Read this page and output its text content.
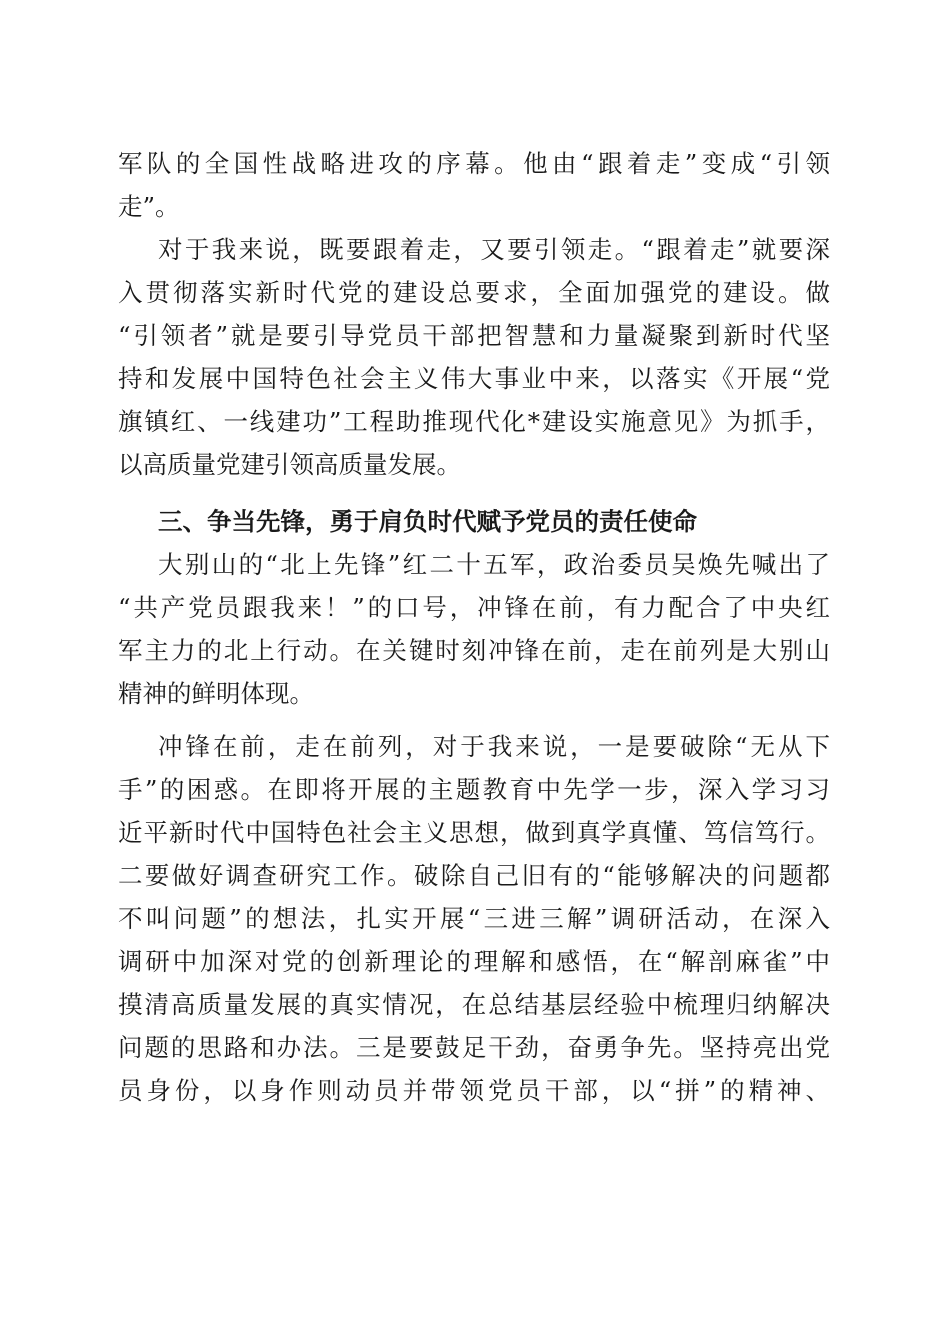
军队的全国性战略进攻的序幕。他由“跟着走”变成“引领
走”。
对于我来说，既要跟着走，又要引领走。“跟着走”就要深
入贯彻落实新时代党的建设总要求，全面加强党的建设。做
“引领者”就是要引导党员干部把智慧和力量凝聚到新时代坚
持和发展中国特色社会主义伟大事业中来，以落实《开展“党
旗镇红、一线建功”工程助推现代化*建设实施意见》为抓手，
以高质量党建引领高质量发展。
三、争当先锋，勇于肩负时代赋予党员的责任使命
大别山的“北上先锋”红二十五军，政治委员吴焕先喊出了
“共产党员跟我来！”的口号，冲锋在前，有力配合了中央红
军主力的北上行动。在关键时刻冲锋在前，走在前列是大别山
精神的鲜明体现。
冲锋在前，走在前列，对于我来说，一是要破除“无从下
手”的困惑。在即将开展的主题教育中先学一步，深入学习习
近平新时代中国特色社会主义思想，做到真学真懂、笃信笃行。
二要做好调查研究工作。破除自己旧有的“能够解决的问题都
不叫问题”的想法，扎实开展“三进三解”调研活动，在深入
调研中加深对党的创新理论的理解和感悟，在“解剖麻雀”中
摸清高质量发展的真实情况，在总结基层经验中梳理归纳解决
问题的思路和办法。三是要鼓足干劲，奋勇争先。坚持亮出党
员身份，以身作则动员并带领党员干部，以“拼”的精神、
